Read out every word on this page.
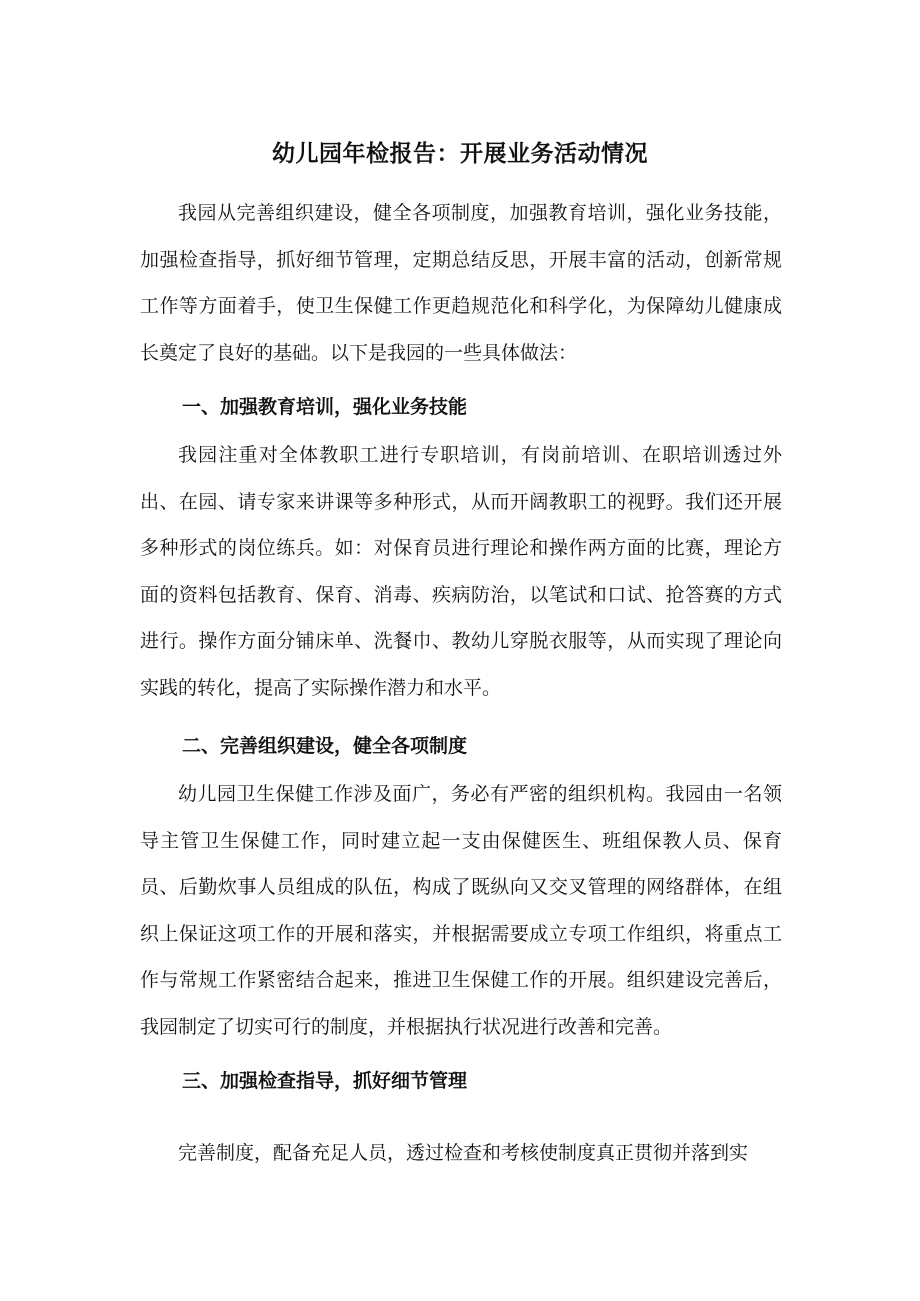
幼儿园年检报告：开展业务活动情况

我园从完善组织建设，健全各项制度，加强教育培训，强化业务技能，加强检查指导，抓好细节管理，定期总结反思，开展丰富的活动，创新常规工作等方面着手，使卫生保健工作更趋规范化和科学化，为保障幼儿健康成长奠定了良好的基础。以下是我园的一些具体做法：

一、加强教育培训，强化业务技能

我园注重对全体教职工进行专职培训，有岗前培训、在职培训透过外出、在园、请专家来讲课等多种形式，从而开阔教职工的视野。我们还开展多种形式的岗位练兵。如：对保育员进行理论和操作两方面的比赛，理论方面的资料包括教育、保育、消毒、疾病防治，以笔试和口试、抢答赛的方式进行。操作方面分铺床单、洗餐巾、教幼儿穿脱衣服等，从而实现了理论向实践的转化，提高了实际操作潜力和水平。

二、完善组织建设，健全各项制度

幼儿园卫生保健工作涉及面广，务必有严密的组织机构。我园由一名领导主管卫生保健工作，同时建立起一支由保健医生、班组保教人员、保育员、后勤炊事人员组成的队伍，构成了既纵向又交叉管理的网络群体，在组织上保证这项工作的开展和落实，并根据需要成立专项工作组织，将重点工作与常规工作紧密结合起来，推进卫生保健工作的开展。组织建设完善后，我园制定了切实可行的制度，并根据执行状况进行改善和完善。

三、加强检查指导，抓好细节管理

完善制度，配备充足人员，透过检查和考核使制度真正贯彻并落到实
